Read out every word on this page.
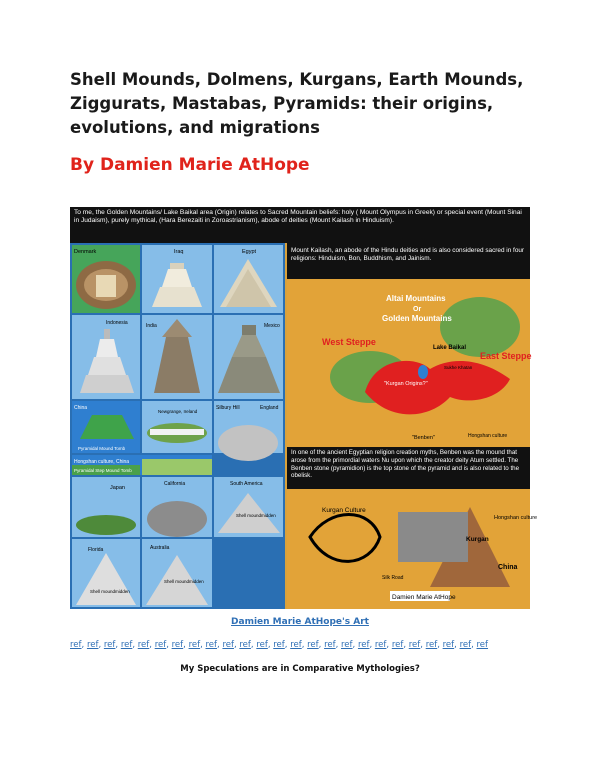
Shell Mounds, Dolmens, Kurgans, Earth Mounds, Ziggurats, Mastabas, Pyramids: their origins, evolutions, and migrations
By Damien Marie AtHope
To me, the Golden Mountains/ Lake Baikal area (Origin) relates to Sacred Mountain beliefs: holy ( Mount Olympus in Greek) or special event (Mount Sinai in Judaism), purely mythical, (Hara Berezaiti in Zoroastrianism), abode of deities (Mount Kailash in Hinduism).
Denmark	Iraq	Egypt
Indonesia	India	Mexico
China
Pyramidal Mound Tomb
Newgrange, Ireland
Silbury Hill	England
Hongshan culture, China
Pyramidal Step Mound Tomb
Japan
California	South America
Shell moundmidden
Florida
Shell moundmidden
Australia
Shell moundmidden
Mount Kailash, an abode of the Hindu deities and is also considered sacred in four religions: Hinduism, Bon, Buddhism, and Jainism.
Altai Mountains
Or
Golden Mountains
West Steppe
East Steppe
Lake Baikal
"Kurgan Origins?"
Sukhe Khatan
"Benben"	Hongshan culture
In one of the ancient Egyptian religion creation myths, Benben was the mound that arose from the primordial waters Nu upon which the creator deity Atum settled. The Benben stone (pyramidion) is the top stone of the pyramid and is also related to the obelisk.
Kurgan Culture
Kurgan
Hongshan culture
China
Silk Road
Damien Marie AtHope
Damien Marie AtHope's Art
ref, ref, ref, ref, ref, ref, ref, ref, ref, ref, ref, ref, ref, ref, ref, ref, ref, ref, ref, ref, ref, ref, ref, ref, ref
My Speculations are in Comparative Mythologies?
